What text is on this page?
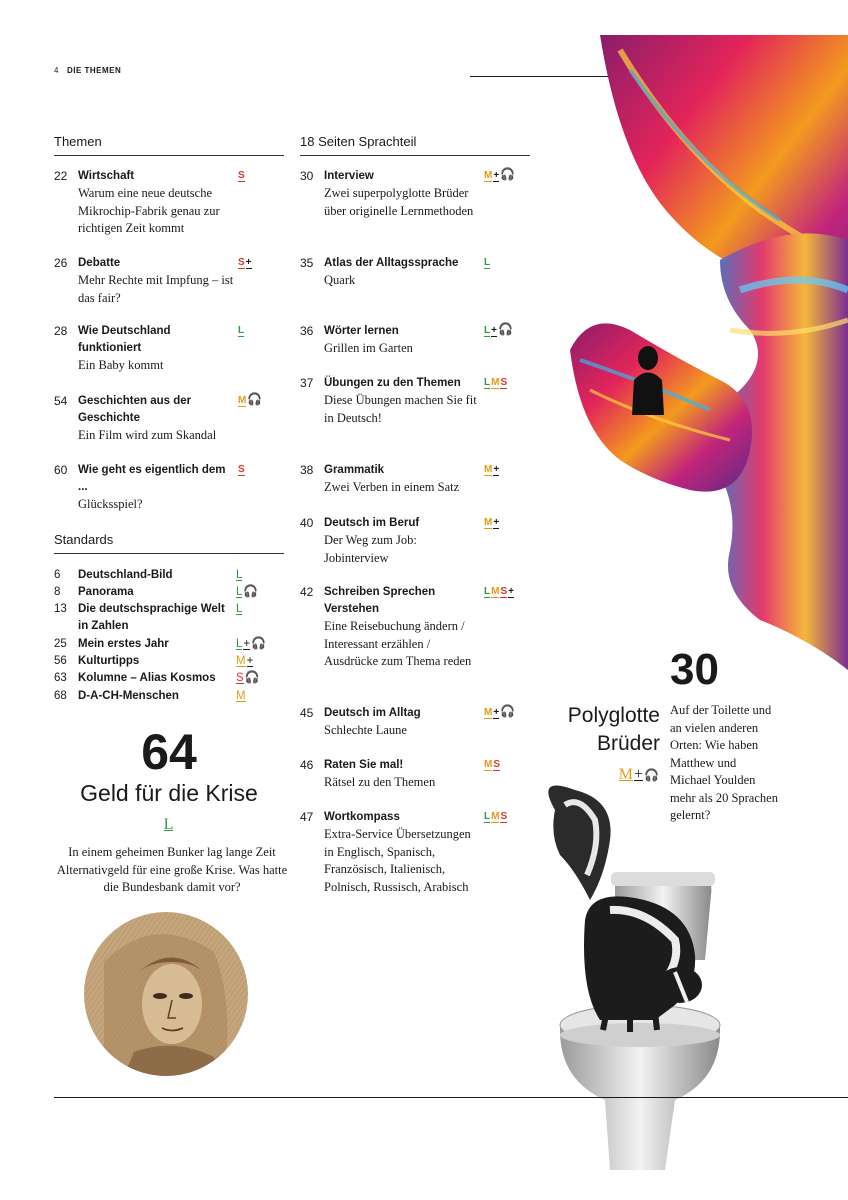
4 DIE THEMEN
Themen
22 Wirtschaft
Warum eine neue deutsche Mikrochip-Fabrik genau zur richtigen Zeit kommt
S
26 Debatte
Mehr Rechte mit Impfung – ist das fair?
S+
28 Wie Deutschland funktioniert
Ein Baby kommt
L
54 Geschichten aus der Geschichte
Ein Film wird zum Skandal
M🎧
60 Wie geht es eigentlich dem ...
Glücksspiel?
S
Standards
6	Deutschland-Bild	L
8	Panorama	L🎧
13 Die deutschsprachige Welt in Zahlen
L
25 Mein erstes Jahr	L+🎧
56 Kulturtipps	M+
63 Kolumne – Alias Kosmos	S🎧
68 D-A-CH-Menschen	M
18 Seiten Sprachteil
30 Interview
Zwei superpolyglotte Brüder über originelle Lernmethoden
M+🎧
35 Atlas der Alltagssprache
Quark
L
36 Wörter lernen
Grillen im Garten
L+🎧
37 Übungen zu den Themen
Diese Übungen machen Sie fit in Deutsch!
LMS
38 Grammatik
Zwei Verben in einem Satz
M+
40 Deutsch im Beruf
Der Weg zum Job: Jobinterview
M+
42 Schreiben Sprechen Verstehen
Eine Reisebuchung ändern / Interessant erzählen / Ausdrücke zum Thema reden
LMS+
45 Deutsch im Alltag
Schlechte Laune
M+🎧
46 Raten Sie mal!
Rätsel zu den Themen
MS
47 Wortkompass
Extra-Service Übersetzungen in Englisch, Spanisch, Französisch, Italienisch, Polnisch, Russisch, Arabisch
LMS
64
Geld für die Krise
L
In einem geheimen Bunker lag lange Zeit Alternativgeld für eine große Krise. Was hatte die Bundesbank damit vor?
30
Polyglotte Brüder
M+🎧
Auf der Toilette und an vielen anderen Orten: Wie haben Matthew und Michael Youlden mehr als 20 Sprachen gelernt?
